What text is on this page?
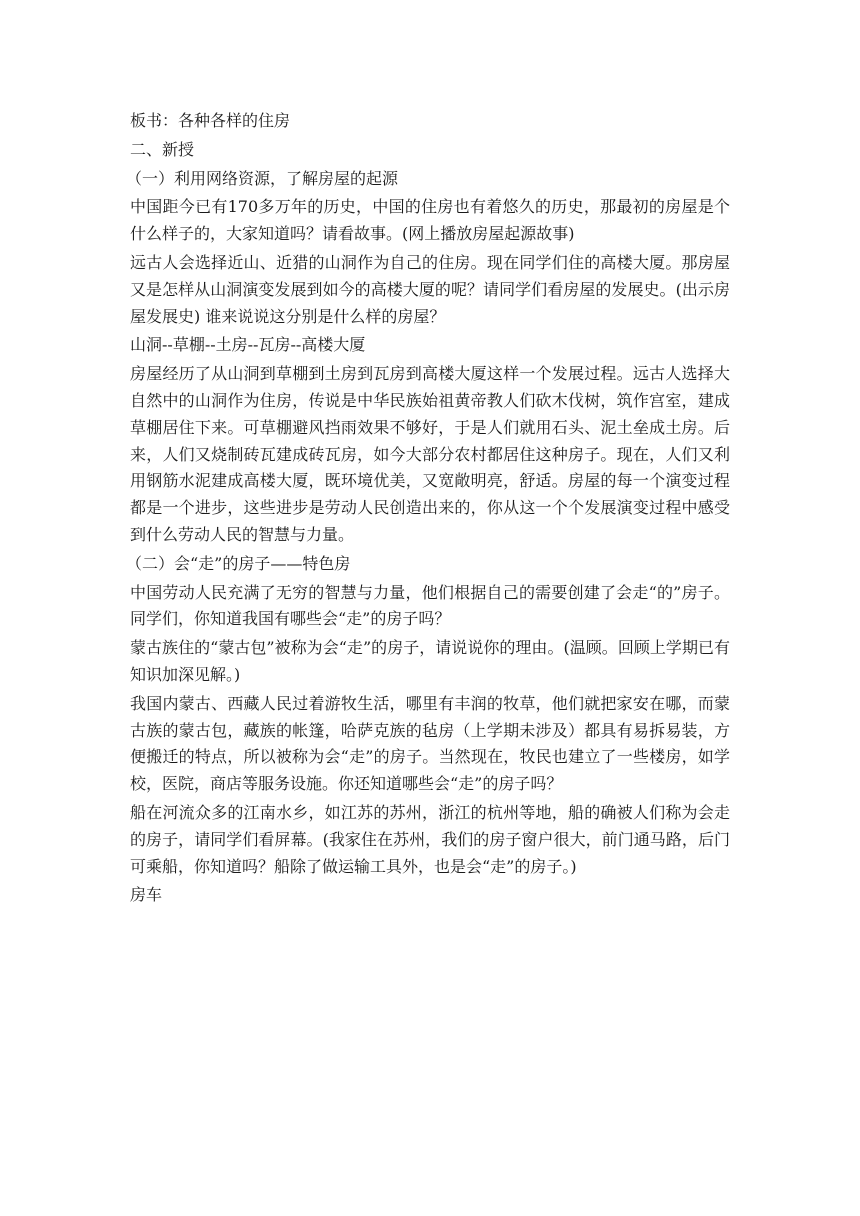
板书：各种各样的住房

二、新授

（一）利用网络资源，了解房屋的起源

中国距今已有170多万年的历史，中国的住房也有着悠久的历史，那最初的房屋是个什么样子的，大家知道吗？请看故事。(网上播放房屋起源故事)

远古人会选择近山、近猎的山洞作为自己的住房。现在同学们住的高楼大厦。那房屋又是怎样从山洞演变发展到如今的高楼大厦的呢？请同学们看房屋的发展史。(出示房屋发展史) 谁来说说这分别是什么样的房屋？

山洞--草棚--土房--瓦房--高楼大厦

房屋经历了从山洞到草棚到土房到瓦房到高楼大厦这样一个发展过程。远古人选择大自然中的山洞作为住房，传说是中华民族始祖黄帝教人们砍木伐树，筑作宫室，建成草棚居住下来。可草棚避风挡雨效果不够好，于是人们就用石头、泥土垒成土房。后来，人们又烧制砖瓦建成砖瓦房，如今大部分农村都居住这种房子。现在，人们又利用钢筋水泥建成高楼大厦，既环境优美，又宽敞明亮，舒适。房屋的每一个演变过程都是一个进步，这些进步是劳动人民创造出来的，你从这一个个发展演变过程中感受到什么劳动人民的智慧与力量。

（二）会“走”的房子——特色房

中国劳动人民充满了无穷的智慧与力量，他们根据自己的需要创建了会走“的”房子。同学们，你知道我国有哪些会“走”的房子吗？

蒙古族住的“蒙古包”被称为会“走”的房子，请说说你的理由。(温顾。回顾上学期已有知识加深见解。)

我国内蒙古、西藏人民过着游牧生活，哪里有丰润的牧草，他们就把家安在哪，而蒙古族的蒙古包，藏族的帐篷，哈萨克族的毡房（上学期未涉及）都具有易拆易装，方便搬迁的特点，所以被称为会“走”的房子。当然现在，牧民也建立了一些楼房，如学校，医院，商店等服务设施。你还知道哪些会“走”的房子吗？

船在河流众多的江南水乡，如江苏的苏州，浙江的杭州等地，船的确被人们称为会走的房子，请同学们看屏幕。(我家住在苏州，我们的房子窗户很大，前门通马路，后门可乘船，你知道吗？船除了做运输工具外，也是会“走”的房子。)

房车
